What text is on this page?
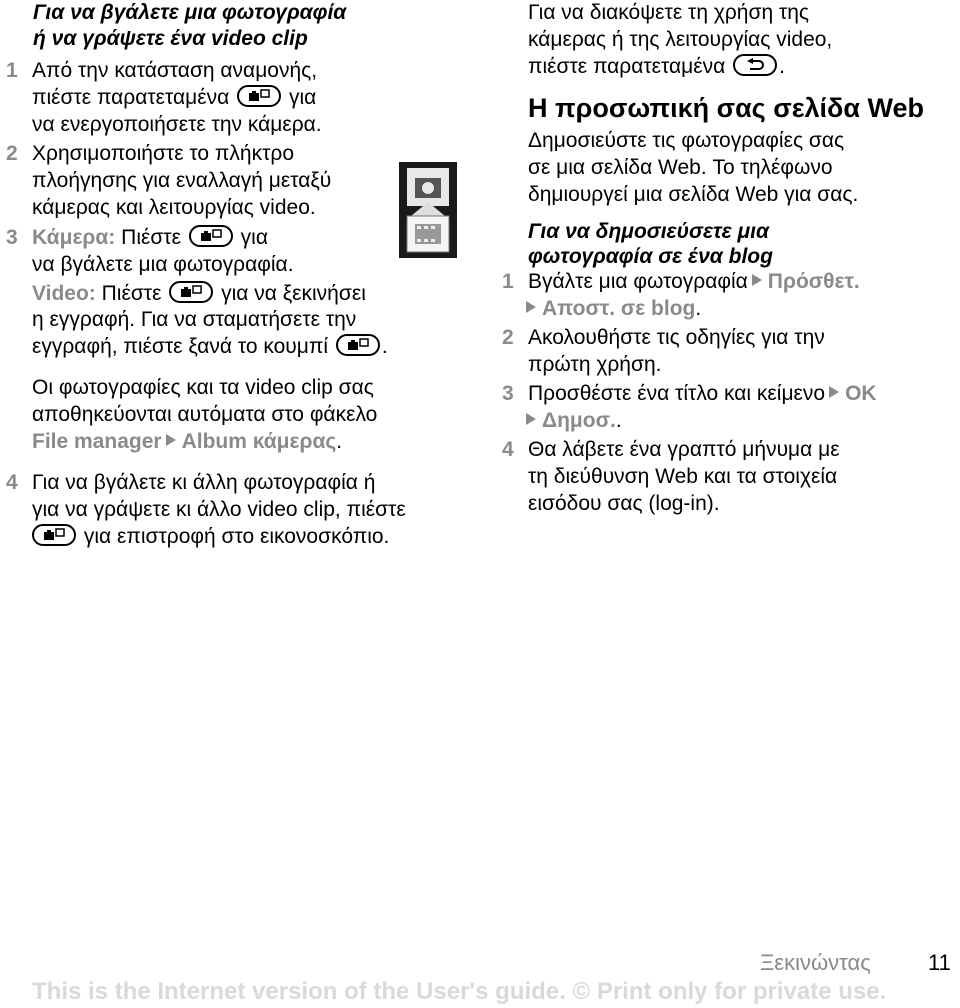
Για να βγάλετε μια φωτογραφία
ή να γράψετε ένα video clip
1 Από την κατάσταση αναμονής,
πιέστε παρατεταμένα	για
να ενεργοποιήσετε την κάμερα.
2 Χρησιμοποιήστε το πλήκτρο
πλοήγησης για εναλλαγή μεταξύ
κάμερας και λειτουργίας video.
3 Κάμερα: Πιέστε	για
να βγάλετε μια φωτογραφία.
Video: Πιέστε	για να ξεκινήσει
η εγγραφή. Για να σταματήσετε την
εγγραφή, πιέστε ξανά το κουμπί	.
Οι φωτογραφίες και τα video clip σας
αποθηκεύονται αυτόματα στο φάκελο
File manager Album κάμερας.
4 Για να βγάλετε κι άλλη φωτογραφία ή
για να γράψετε κι άλλο video clip, πιέστε
για επιστροφή στο εικονοσκόπιο.
Για να διακόψετε τη χρήση της
κάμερας ή της λειτουργίας video,
πιέστε παρατεταμένα	.
Η προσωπική σας σελίδα Web
Δημοσιεύστε τις φωτογραφίες σας
σε μια σελίδα Web. Το τηλέφωνο
δημιουργεί μια σελίδα Web για σας.
Για να δημοσιεύσετε μια
φωτογραφία σε ένα blog
1 Βγάλτε μια φωτογραφία Πρόσθετ.
Αποστ. σε blog.
2 Ακολουθήστε τις οδηγίες για την
πρώτη χρήση.
3 Προσθέστε ένα τίτλο και κείμενο OK
Δημοσ..
4 Θα λάβετε ένα γραπτό μήνυμα με
τη διεύθυνση Web και τα στοιχεία
εισόδου σας (log-in).
Ξεκινώντας	11
This is the Internet version of the User's guide. © Print only for private use.
